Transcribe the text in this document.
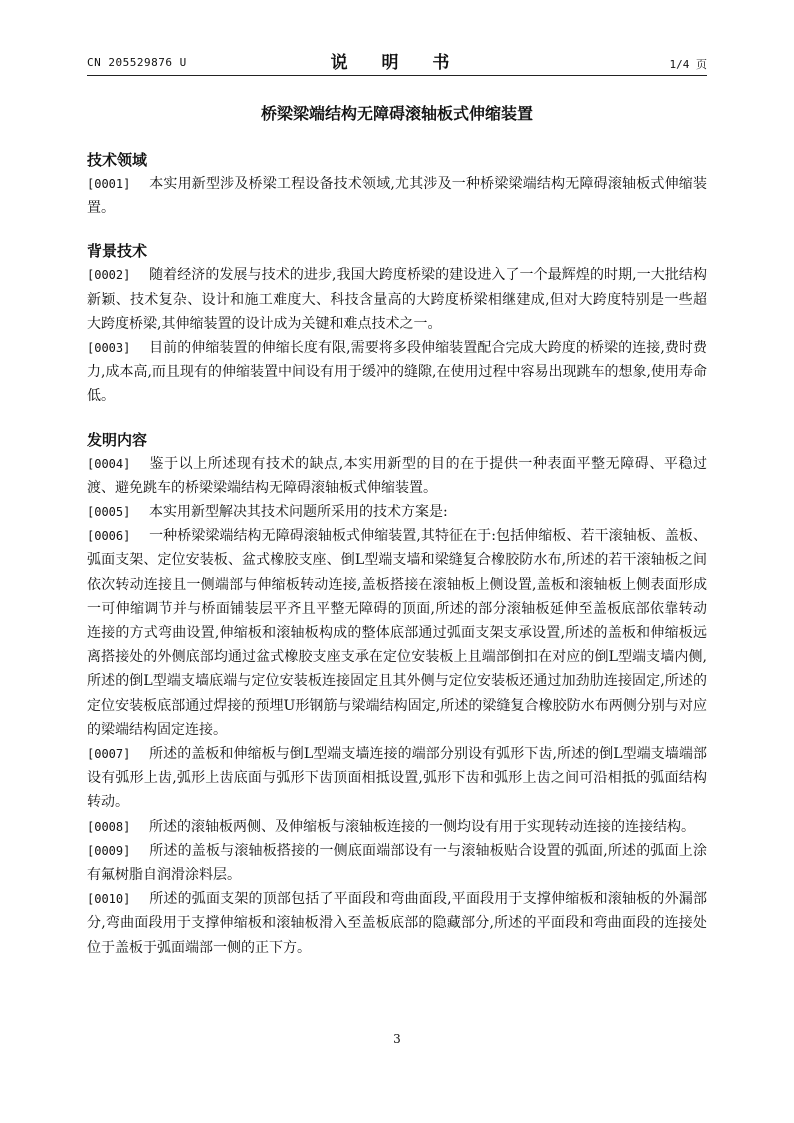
CN 205529876 U	说 明 书	1/4 页
桥梁梁端结构无障碍滚轴板式伸缩装置
技术领域

[0001] 本实用新型涉及桥梁工程设备技术领域,尤其涉及一种桥梁梁端结构无障碍滚轴板式伸缩装置。

背景技术

[0002] 随着经济的发展与技术的进步,我国大跨度桥梁的建设进入了一个最辉煌的时期,一大批结构新颖、技术复杂、设计和施工难度大、科技含量高的大跨度桥梁相继建成,但对大跨度特别是一些超大跨度桥梁,其伸缩装置的设计成为关键和难点技术之一。

[0003] 目前的伸缩装置的伸缩长度有限,需要将多段伸缩装置配合完成大跨度的桥梁的连接,费时费力,成本高,而且现有的伸缩装置中间设有用于缓冲的缝隙,在使用过程中容易出现跳车的想象,使用寿命低。

发明内容

[0004] 鉴于以上所述现有技术的缺点,本实用新型的目的在于提供一种表面平整无障碍、平稳过渡、避免跳车的桥梁梁端结构无障碍滚轴板式伸缩装置。

[0005] 本实用新型解决其技术问题所采用的技术方案是:

[0006] 一种桥梁梁端结构无障碍滚轴板式伸缩装置,其特征在于:包括伸缩板、若干滚轴板、盖板、弧面支架、定位安装板、盆式橡胶支座、倒L型端支墙和梁缝复合橡胶防水布,所述的若干滚轴板之间依次转动连接且一侧端部与伸缩板转动连接,盖板搭接在滚轴板上侧设置,盖板和滚轴板上侧表面形成一可伸缩调节并与桥面铺装层平齐且平整无障碍的顶面,所述的部分滚轴板延伸至盖板底部依靠转动连接的方式弯曲设置,伸缩板和滚轴板构成的整体底部通过弧面支架支承设置,所述的盖板和伸缩板远离搭接处的外侧底部均通过盆式橡胶支座支承在定位安装板上且端部倒扣在对应的倒L型端支墙内侧,所述的倒L型端支墙底端与定位安装板连接固定且其外侧与定位安装板还通过加劲肋连接固定,所述的定位安装板底部通过焊接的预埋U形钢筋与梁端结构固定,所述的梁缝复合橡胶防水布两侧分别与对应的梁端结构固定连接。

[0007] 所述的盖板和伸缩板与倒L型端支墙连接的端部分别设有弧形下齿,所述的倒L型端支墙端部设有弧形上齿,弧形上齿底面与弧形下齿顶面相抵设置,弧形下齿和弧形上齿之间可沿相抵的弧面结构转动。

[0008] 所述的滚轴板两侧、及伸缩板与滚轴板连接的一侧均设有用于实现转动连接的连接结构。

[0009] 所述的盖板与滚轴板搭接的一侧底面端部设有一与滚轴板贴合设置的弧面,所述的弧面上涂有氟树脂自润滑涂料层。

[0010] 所述的弧面支架的顶部包括了平面段和弯曲面段,平面段用于支撑伸缩板和滚轴板的外漏部分,弯曲面段用于支撑伸缩板和滚轴板滑入至盖板底部的隐藏部分,所述的平面段和弯曲面段的连接处位于盖板于弧面端部一侧的正下方。

3
